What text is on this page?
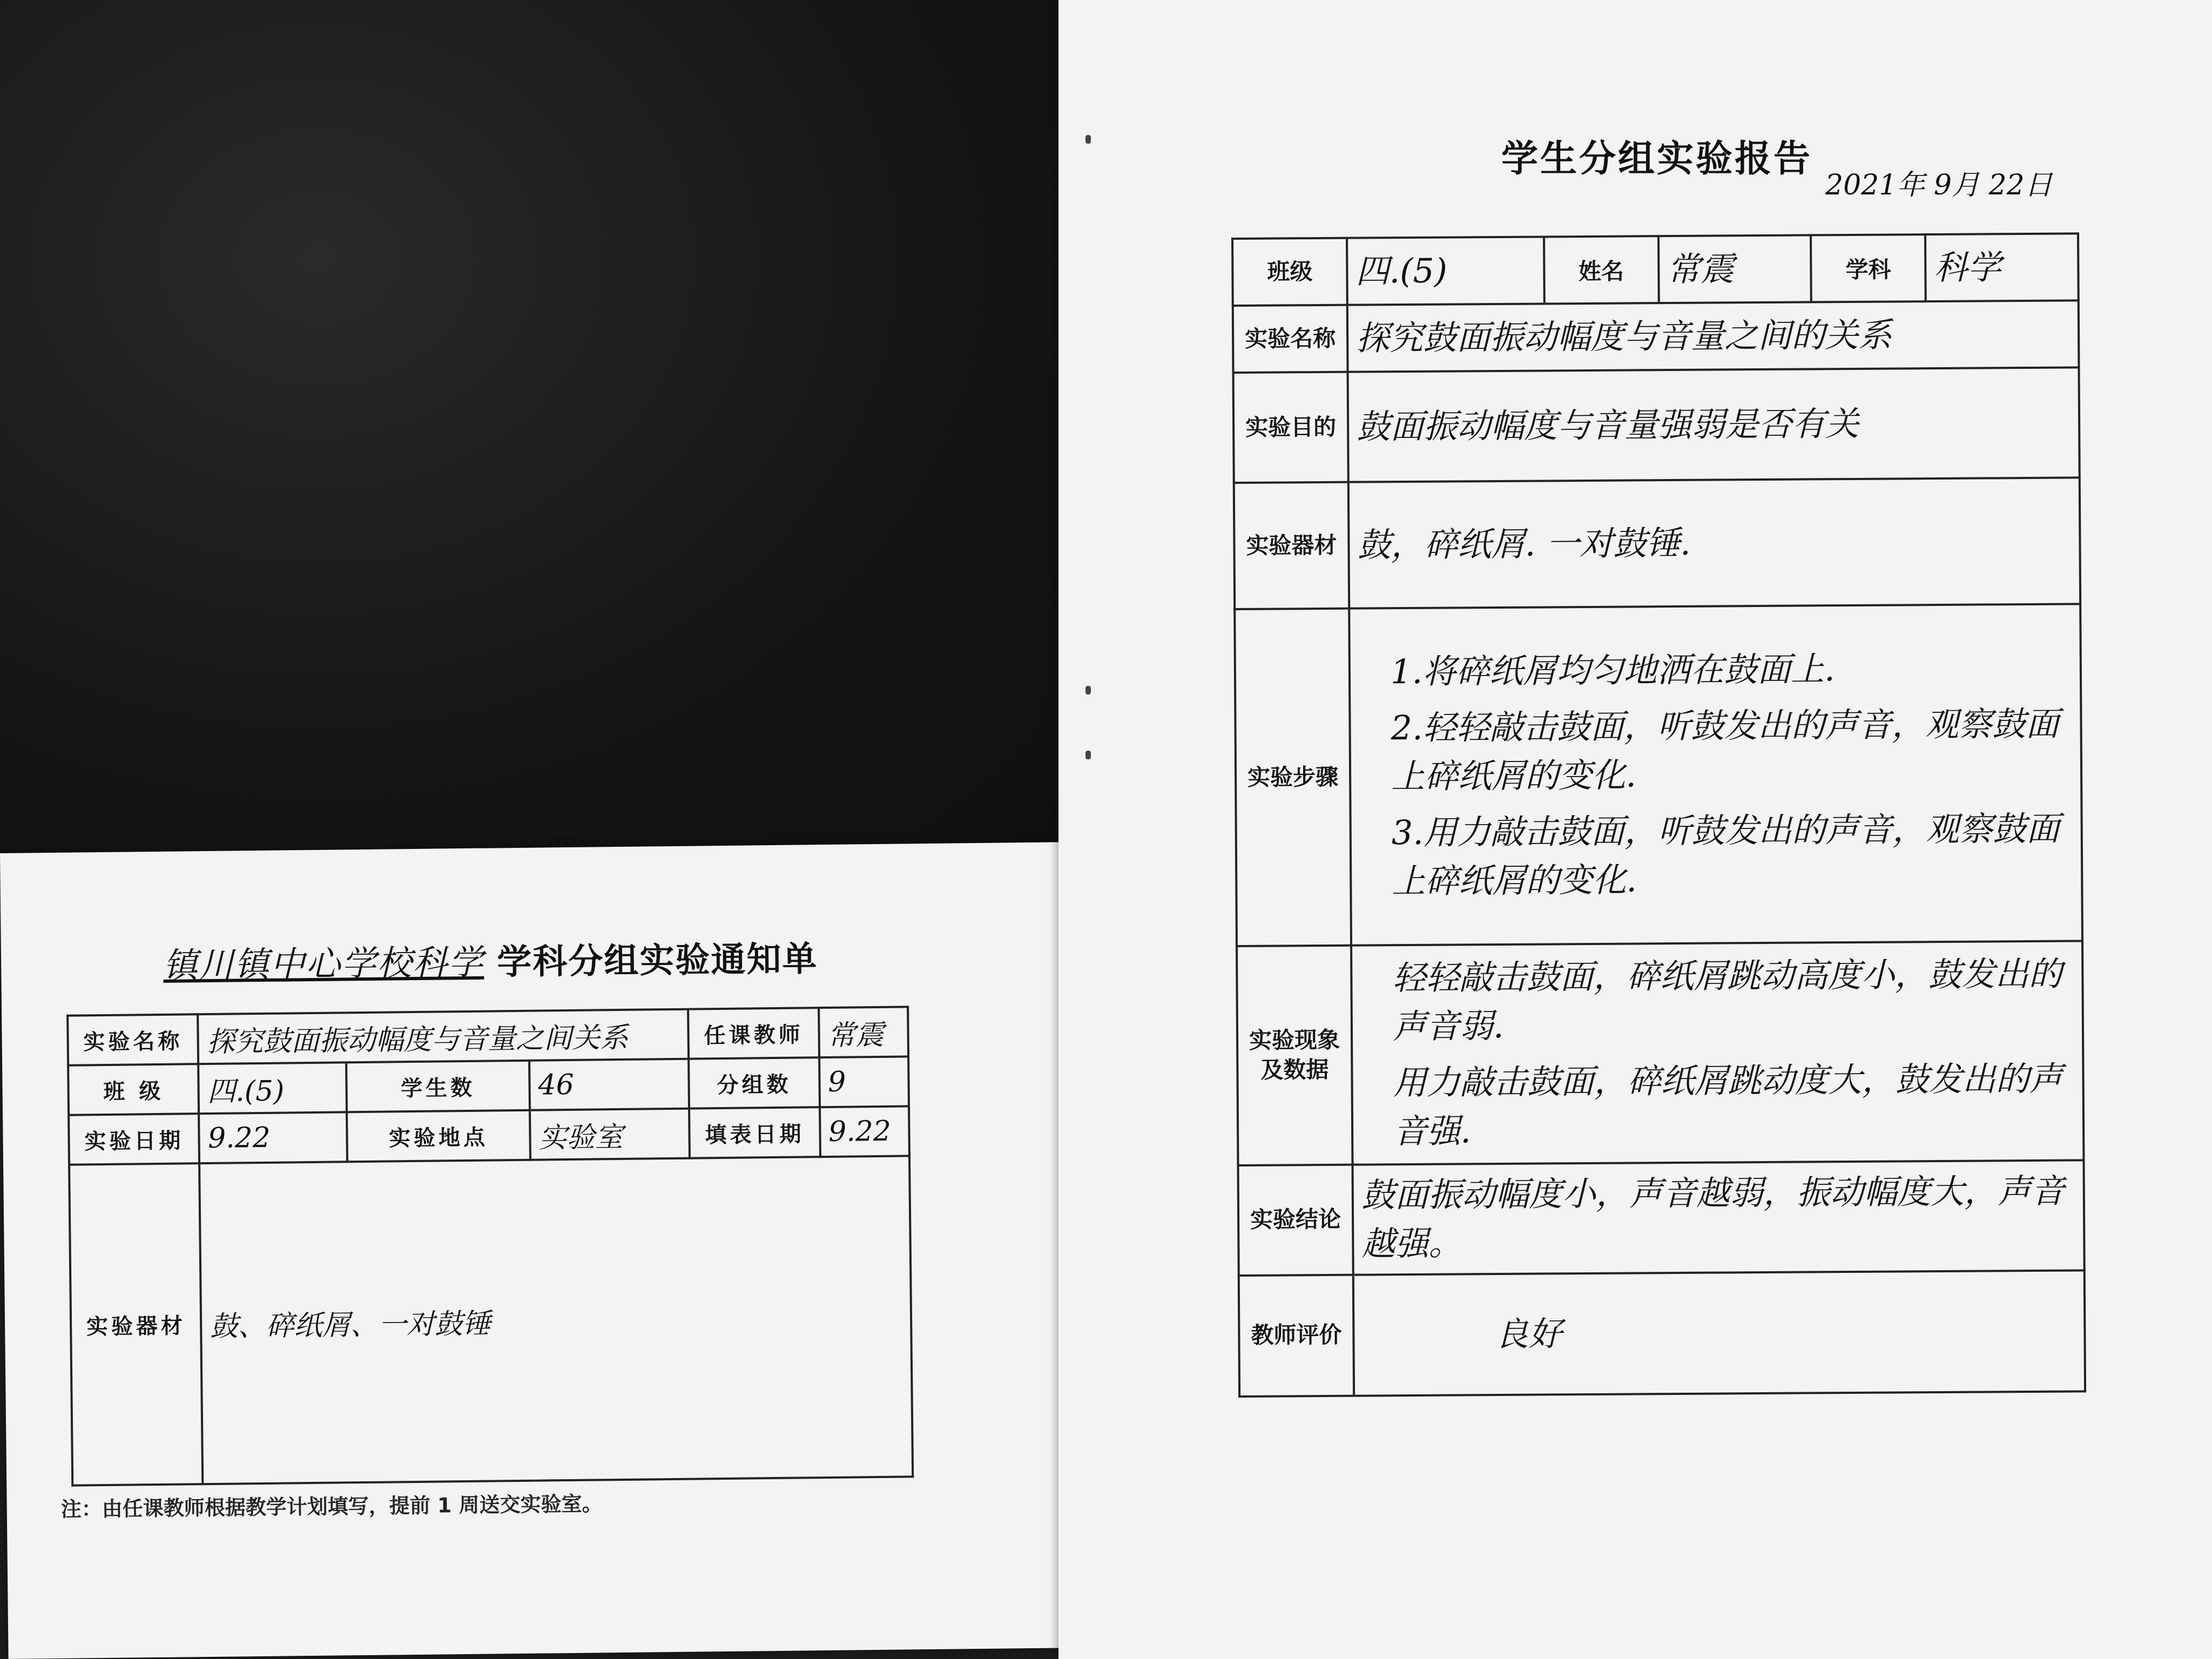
镇川镇中心学校科学 学科分组实验通知单
实验名称	探究鼓面振动幅度与音量之间关系			任课教师	常震
班 级	四.(5)	学生数	46	分组数	9
实验日期	9.22	实验地点	实验室	填表日期	9.22
实验器材	鼓、碎纸屑、一对鼓锤				
注：由任课教师根据教学计划填写，提前 1 周送交实验室。
学生分组实验报告
2021年 9月 22日
班级	四.(5)	姓名	常震	学科	科学
实验名称	探究鼓面振动幅度与音量之间的关系				
实验目的	鼓面振动幅度与音量强弱是否有关				
实验器材	鼓，碎纸屑. 一对鼓锤.				
实验步骤	1.将碎纸屑均匀地洒在鼓面上.
2.轻轻敲击鼓面，听鼓发出的声音，观察鼓面上碎纸屑的变化.
3.用力敲击鼓面，听鼓发出的声音，观察鼓面上碎纸屑的变化.				

实验现象及数据	轻轻敲击鼓面，碎纸屑跳动高度小，鼓发出的声音弱.
用力敲击鼓面，碎纸屑跳动度大，鼓发出的声音强.				

实验结论	鼓面振动幅度小，声音越弱，振动幅度大，声音越强。				
教师评价	良好				
